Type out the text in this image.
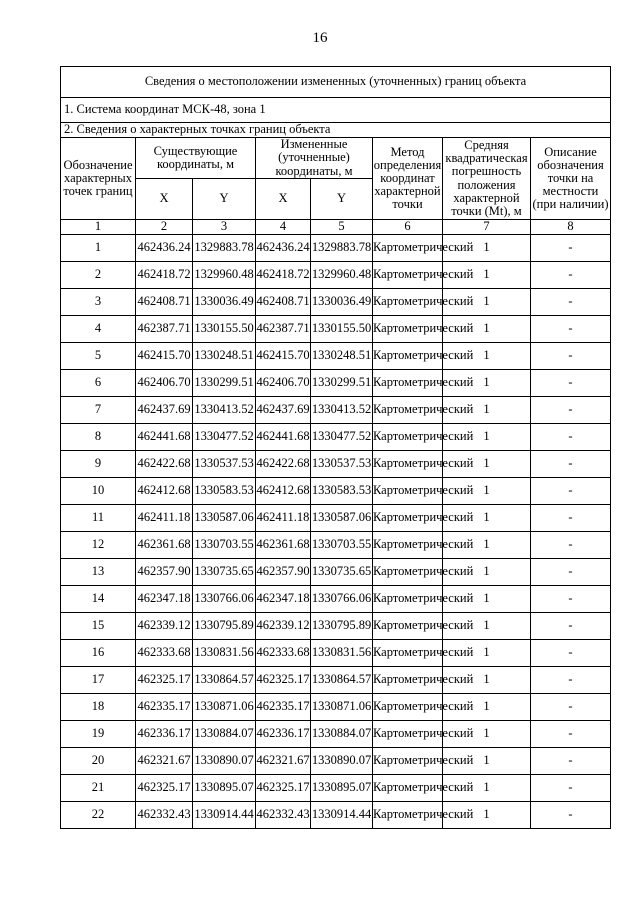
16
Сведения о местоположении измененных (уточненных) границ объекта							
1. Система координат МСК-48, зона 1							
2. Сведения о характерных точках границ объекта							
Обозначение характерных точек границ	Существующие координаты, м		Измененные (уточненные) координаты, м		Метод определения координат характерной точки	Средняя квадратическая погрешность положения характерной точки (Mt), м	Описание обозначения точки на местности (при наличии)
	X	Y	X	Y			
1	2	3	4	5	6	7	8
1	462436.24	1329883.78	462436.24	1329883.78	Картометрический	1	-
2	462418.72	1329960.48	462418.72	1329960.48	Картометрический	1	-
3	462408.71	1330036.49	462408.71	1330036.49	Картометрический	1	-
4	462387.71	1330155.50	462387.71	1330155.50	Картометрический	1	-
5	462415.70	1330248.51	462415.70	1330248.51	Картометрический	1	-
6	462406.70	1330299.51	462406.70	1330299.51	Картометрический	1	-
7	462437.69	1330413.52	462437.69	1330413.52	Картометрический	1	-
8	462441.68	1330477.52	462441.68	1330477.52	Картометрический	1	-
9	462422.68	1330537.53	462422.68	1330537.53	Картометрический	1	-
10	462412.68	1330583.53	462412.68	1330583.53	Картометрический	1	-
11	462411.18	1330587.06	462411.18	1330587.06	Картометрический	1	-
12	462361.68	1330703.55	462361.68	1330703.55	Картометрический	1	-
13	462357.90	1330735.65	462357.90	1330735.65	Картометрический	1	-
14	462347.18	1330766.06	462347.18	1330766.06	Картометрический	1	-
15	462339.12	1330795.89	462339.12	1330795.89	Картометрический	1	-
16	462333.68	1330831.56	462333.68	1330831.56	Картометрический	1	-
17	462325.17	1330864.57	462325.17	1330864.57	Картометрический	1	-
18	462335.17	1330871.06	462335.17	1330871.06	Картометрический	1	-
19	462336.17	1330884.07	462336.17	1330884.07	Картометрический	1	-
20	462321.67	1330890.07	462321.67	1330890.07	Картометрический	1	-
21	462325.17	1330895.07	462325.17	1330895.07	Картометрический	1	-
22	462332.43	1330914.44	462332.43	1330914.44	Картометрический	1	-
